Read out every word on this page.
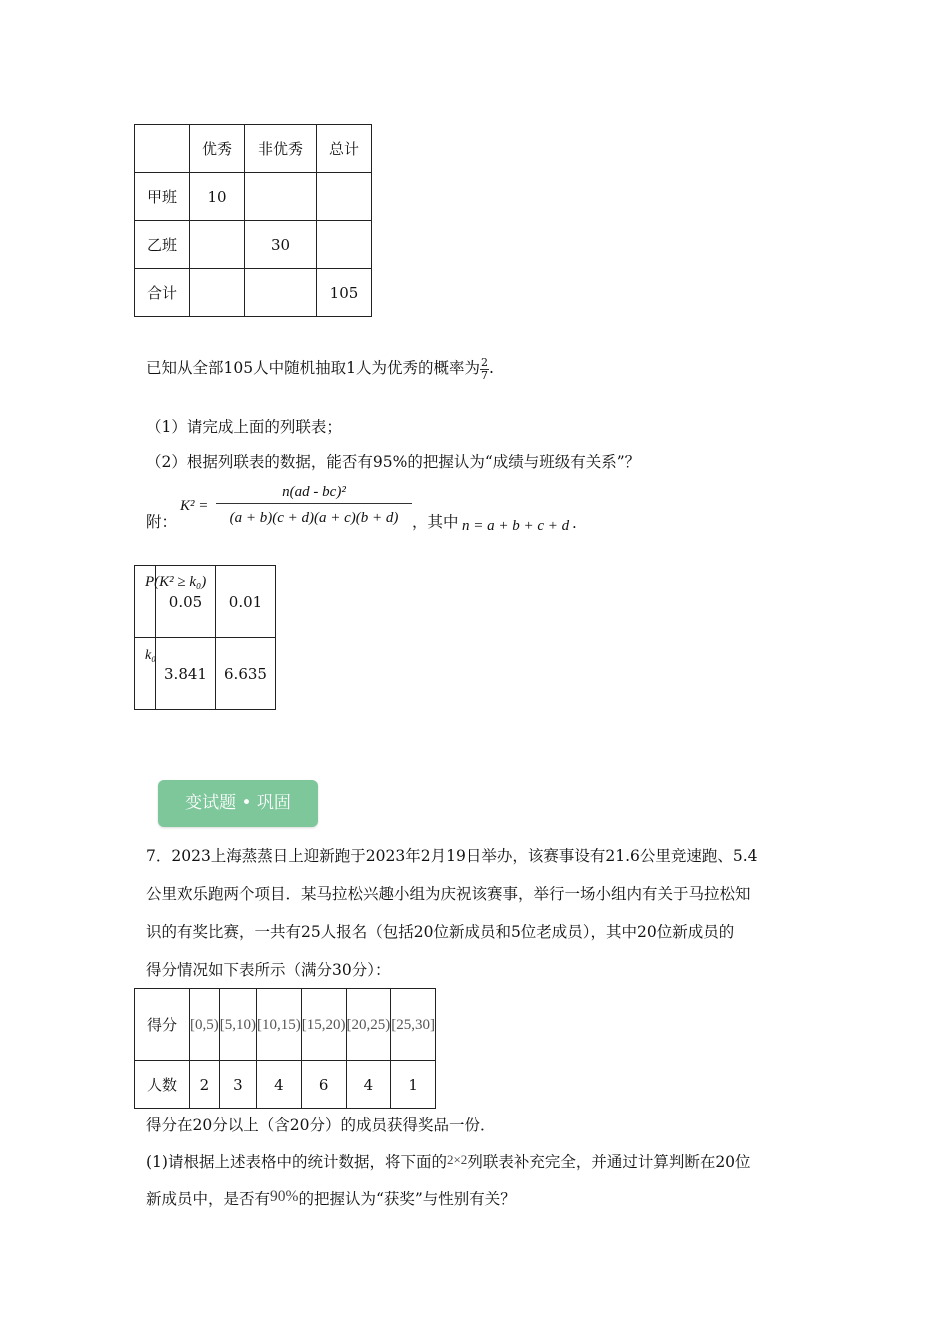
	优秀	非优秀	总计
甲班	10		
乙班		30	
合计			105
已知从全部105人中随机抽取1人为优秀的概率为 $\frac{2}{7}$ .
（1）请完成上面的列联表；
（2）根据列联表的数据，能否有95%的把握认为“成绩与班级有关系”？
附：
K² =
n(ad - bc)²
(a + b)(c + d)(a + c)(b + d) ，其中 n = a + b + c + d .
P(K² ≥ k₀)	0.05	0.01

k₀	3.841	6.635
变试题 • 巩固
7．2023上海蒸蒸日上迎新跑于2023年2月19日举办，该赛事设有21.6公里竞速跑、5.4
公里欢乐跑两个项目．某马拉松兴趣小组为庆祝该赛事，举行一场小组内有关于马拉松知
识的有奖比赛，一共有25人报名（包括20位新成员和5位老成员），其中20位新成员的
得分情况如下表所示（满分30分）：
得分	[0,5)	[5,10)	[10,15)	[15,20)	[20,25)	[25,30]
人数	2	3	4	6	4	1
得分在20分以上（含20分）的成员获得奖品一份．
(1)请根据上述表格中的统计数据，将下面的2×2列联表补充完全，并通过计算判断在20位
新成员中，是否有90%的把握认为“获奖”与性别有关？
